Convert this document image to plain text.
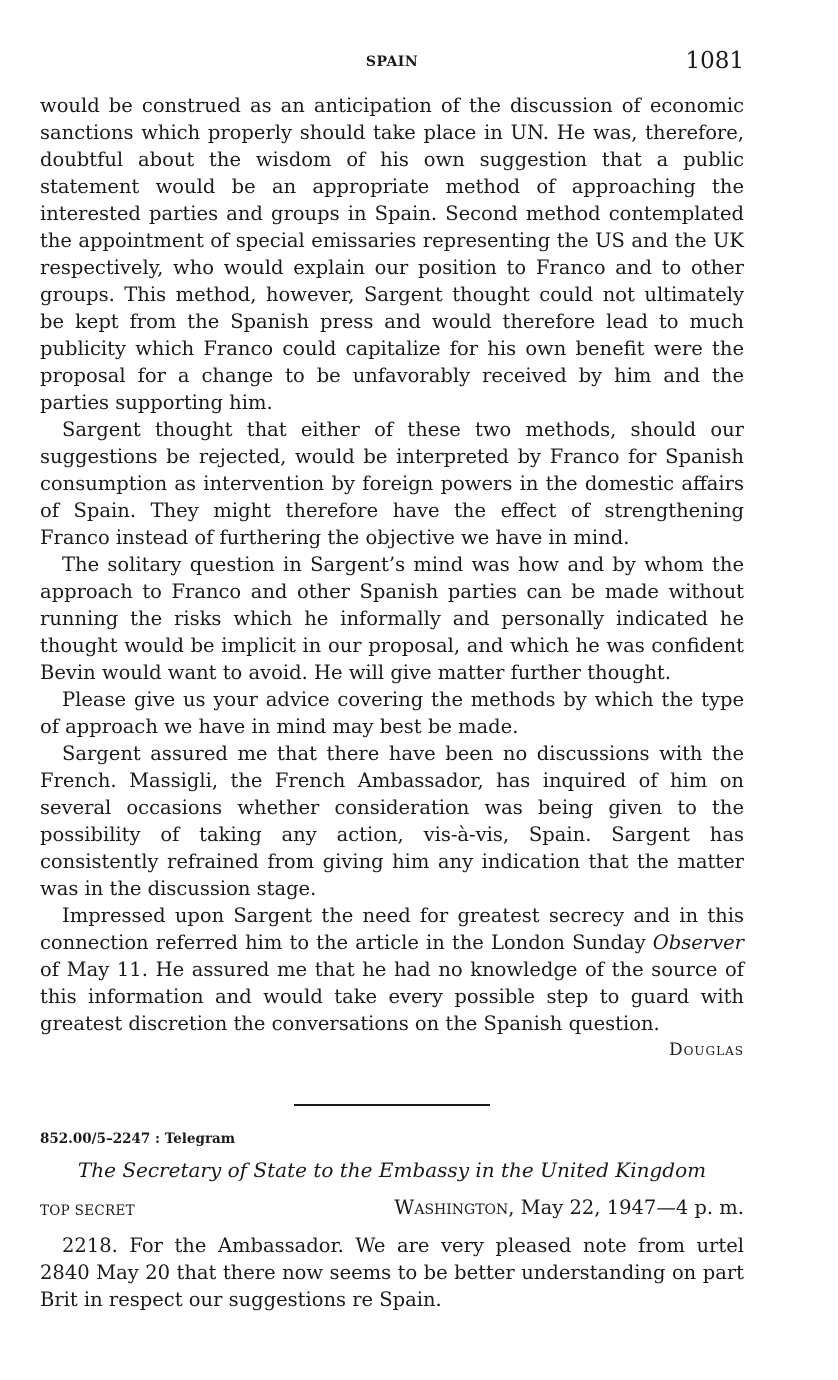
SPAIN	1081

would be construed as an anticipation of the discussion of economic sanctions which properly should take place in UN. He was, therefore, doubtful about the wisdom of his own suggestion that a public statement would be an appropriate method of approaching the interested parties and groups in Spain. Second method contemplated the appointment of special emissaries representing the US and the UK respectively, who would explain our position to Franco and to other groups. This method, however, Sargent thought could not ultimately be kept from the Spanish press and would therefore lead to much publicity which Franco could capitalize for his own benefit were the proposal for a change to be unfavorably received by him and the parties supporting him.

Sargent thought that either of these two methods, should our suggestions be rejected, would be interpreted by Franco for Spanish consumption as intervention by foreign powers in the domestic affairs of Spain. They might therefore have the effect of strengthening Franco instead of furthering the objective we have in mind.

The solitary question in Sargent’s mind was how and by whom the approach to Franco and other Spanish parties can be made without running the risks which he informally and personally indicated he thought would be implicit in our proposal, and which he was confident Bevin would want to avoid. He will give matter further thought.

Please give us your advice covering the methods by which the type of approach we have in mind may best be made.

Sargent assured me that there have been no discussions with the French. Massigli, the French Ambassador, has inquired of him on several occasions whether consideration was being given to the possibility of taking any action, vis-à-vis, Spain. Sargent has consistently refrained from giving him any indication that the matter was in the discussion stage.

Impressed upon Sargent the need for greatest secrecy and in this connection referred him to the article in the London Sunday Observer of May 11. He assured me that he had no knowledge of the source of this information and would take every possible step to guard with greatest discretion the conversations on the Spanish question.

Douglas
852.00/5–2247 : Telegram
The Secretary of State to the Embassy in the United Kingdom
TOP SECRET	Washington, May 22, 1947—4 p. m.

2218. For the Ambassador. We are very pleased note from urtel 2840 May 20 that there now seems to be better understanding on part Brit in respect our suggestions re Spain.
